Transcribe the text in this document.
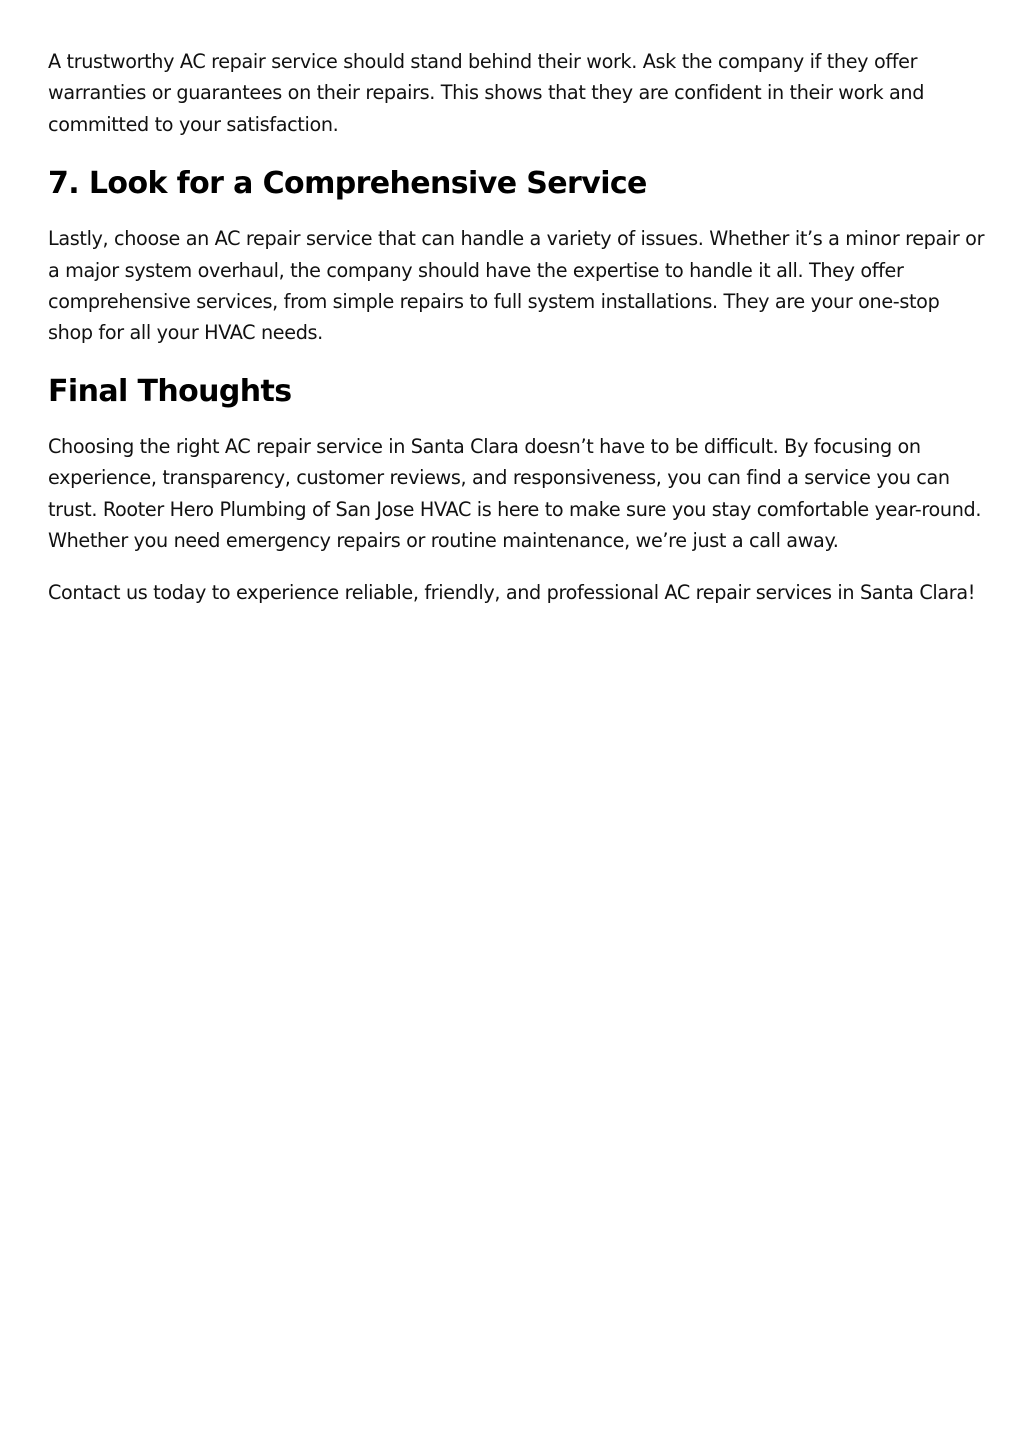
A trustworthy AC repair service should stand behind their work. Ask the company if they offer warranties or guarantees on their repairs. This shows that they are confident in their work and committed to your satisfaction.

7. Look for a Comprehensive Service

Lastly, choose an AC repair service that can handle a variety of issues. Whether it’s a minor repair or a major system overhaul, the company should have the expertise to handle it all. They offer comprehensive services, from simple repairs to full system installations. They are your one-stop shop for all your HVAC needs.

Final Thoughts

Choosing the right AC repair service in Santa Clara doesn’t have to be difficult. By focusing on experience, transparency, customer reviews, and responsiveness, you can find a service you can trust. Rooter Hero Plumbing of San Jose HVAC is here to make sure you stay comfortable year-round. Whether you need emergency repairs or routine maintenance, we’re just a call away.

Contact us today to experience reliable, friendly, and professional AC repair services in Santa Clara!
